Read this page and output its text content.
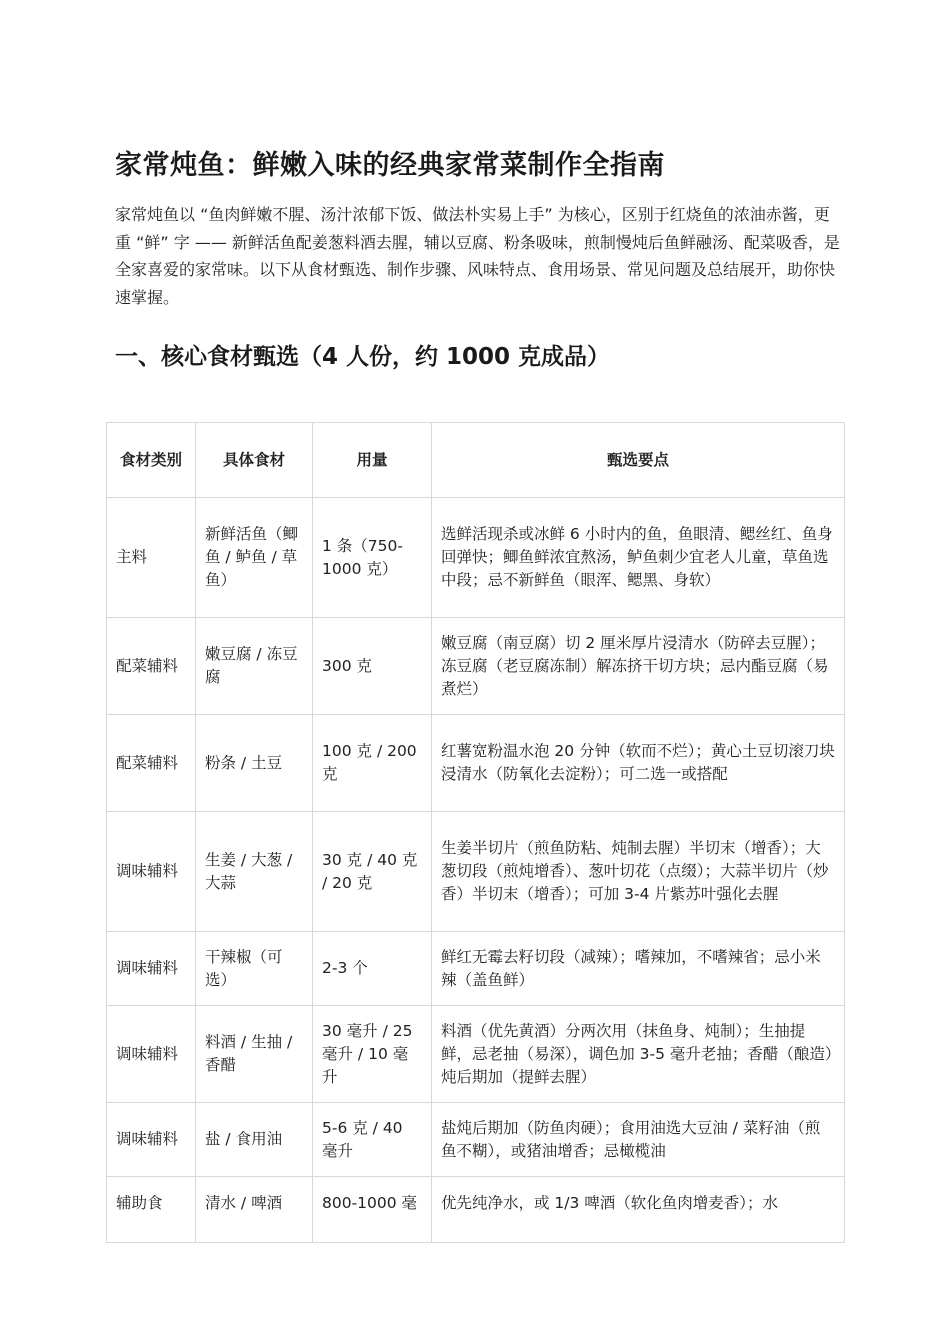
家常炖鱼：鲜嫩入味的经典家常菜制作全指南

家常炖鱼以 “鱼肉鲜嫩不腥、汤汁浓郁下饭、做法朴实易上手” 为核心，区别于红烧鱼的浓油赤酱，更重 “鲜” 字 —— 新鲜活鱼配姜葱料酒去腥，辅以豆腐、粉条吸味，煎制慢炖后鱼鲜融汤、配菜吸香，是全家喜爱的家常味。以下从食材甄选、制作步骤、风味特点、食用场景、常见问题及总结展开，助你快速掌握。

一、核心食材甄选（4 人份，约 1000 克成品）
食材类别	具体食材	用量	甄选要点
主料	新鲜活鱼（鲫鱼 / 鲈鱼 / 草鱼）	1 条（750-1000 克）	选鲜活现杀或冰鲜 6 小时内的鱼，鱼眼清、鳃丝红、鱼身回弹快；鲫鱼鲜浓宜熬汤，鲈鱼刺少宜老人儿童，草鱼选中段；忌不新鲜鱼（眼浑、鳃黑、身软）
配菜辅料	嫩豆腐 / 冻豆腐	300 克	嫩豆腐（南豆腐）切 2 厘米厚片浸清水（防碎去豆腥）；冻豆腐（老豆腐冻制）解冻挤干切方块；忌内酯豆腐（易煮烂）
配菜辅料	粉条 / 土豆	100 克 / 200 克	红薯宽粉温水泡 20 分钟（软而不烂）；黄心土豆切滚刀块浸清水（防氧化去淀粉）；可二选一或搭配
调味辅料	生姜 / 大葱 / 大蒜	30 克 / 40 克 / 20 克	生姜半切片（煎鱼防粘、炖制去腥）半切末（增香）；大葱切段（煎炖增香）、葱叶切花（点缀）；大蒜半切片（炒香）半切末（增香）；可加 3-4 片紫苏叶强化去腥
调味辅料	干辣椒（可选）	2-3 个	鲜红无霉去籽切段（减辣）；嗜辣加，不嗜辣省；忌小米辣（盖鱼鲜）
调味辅料	料酒 / 生抽 / 香醋	30 毫升 / 25 毫升 / 10 毫升	料酒（优先黄酒）分两次用（抹鱼身、炖制）；生抽提鲜，忌老抽（易深），调色加 3-5 毫升老抽；香醋（酿造）炖后期加（提鲜去腥）
调味辅料	盐 / 食用油	5-6 克 / 40 毫升	盐炖后期加（防鱼肉硬）；食用油选大豆油 / 菜籽油（煎鱼不糊），或猪油增香；忌橄榄油
辅助食	清水 / 啤酒	800-1000 毫	优先纯净水，或 1/3 啤酒（软化鱼肉增麦香）；水
